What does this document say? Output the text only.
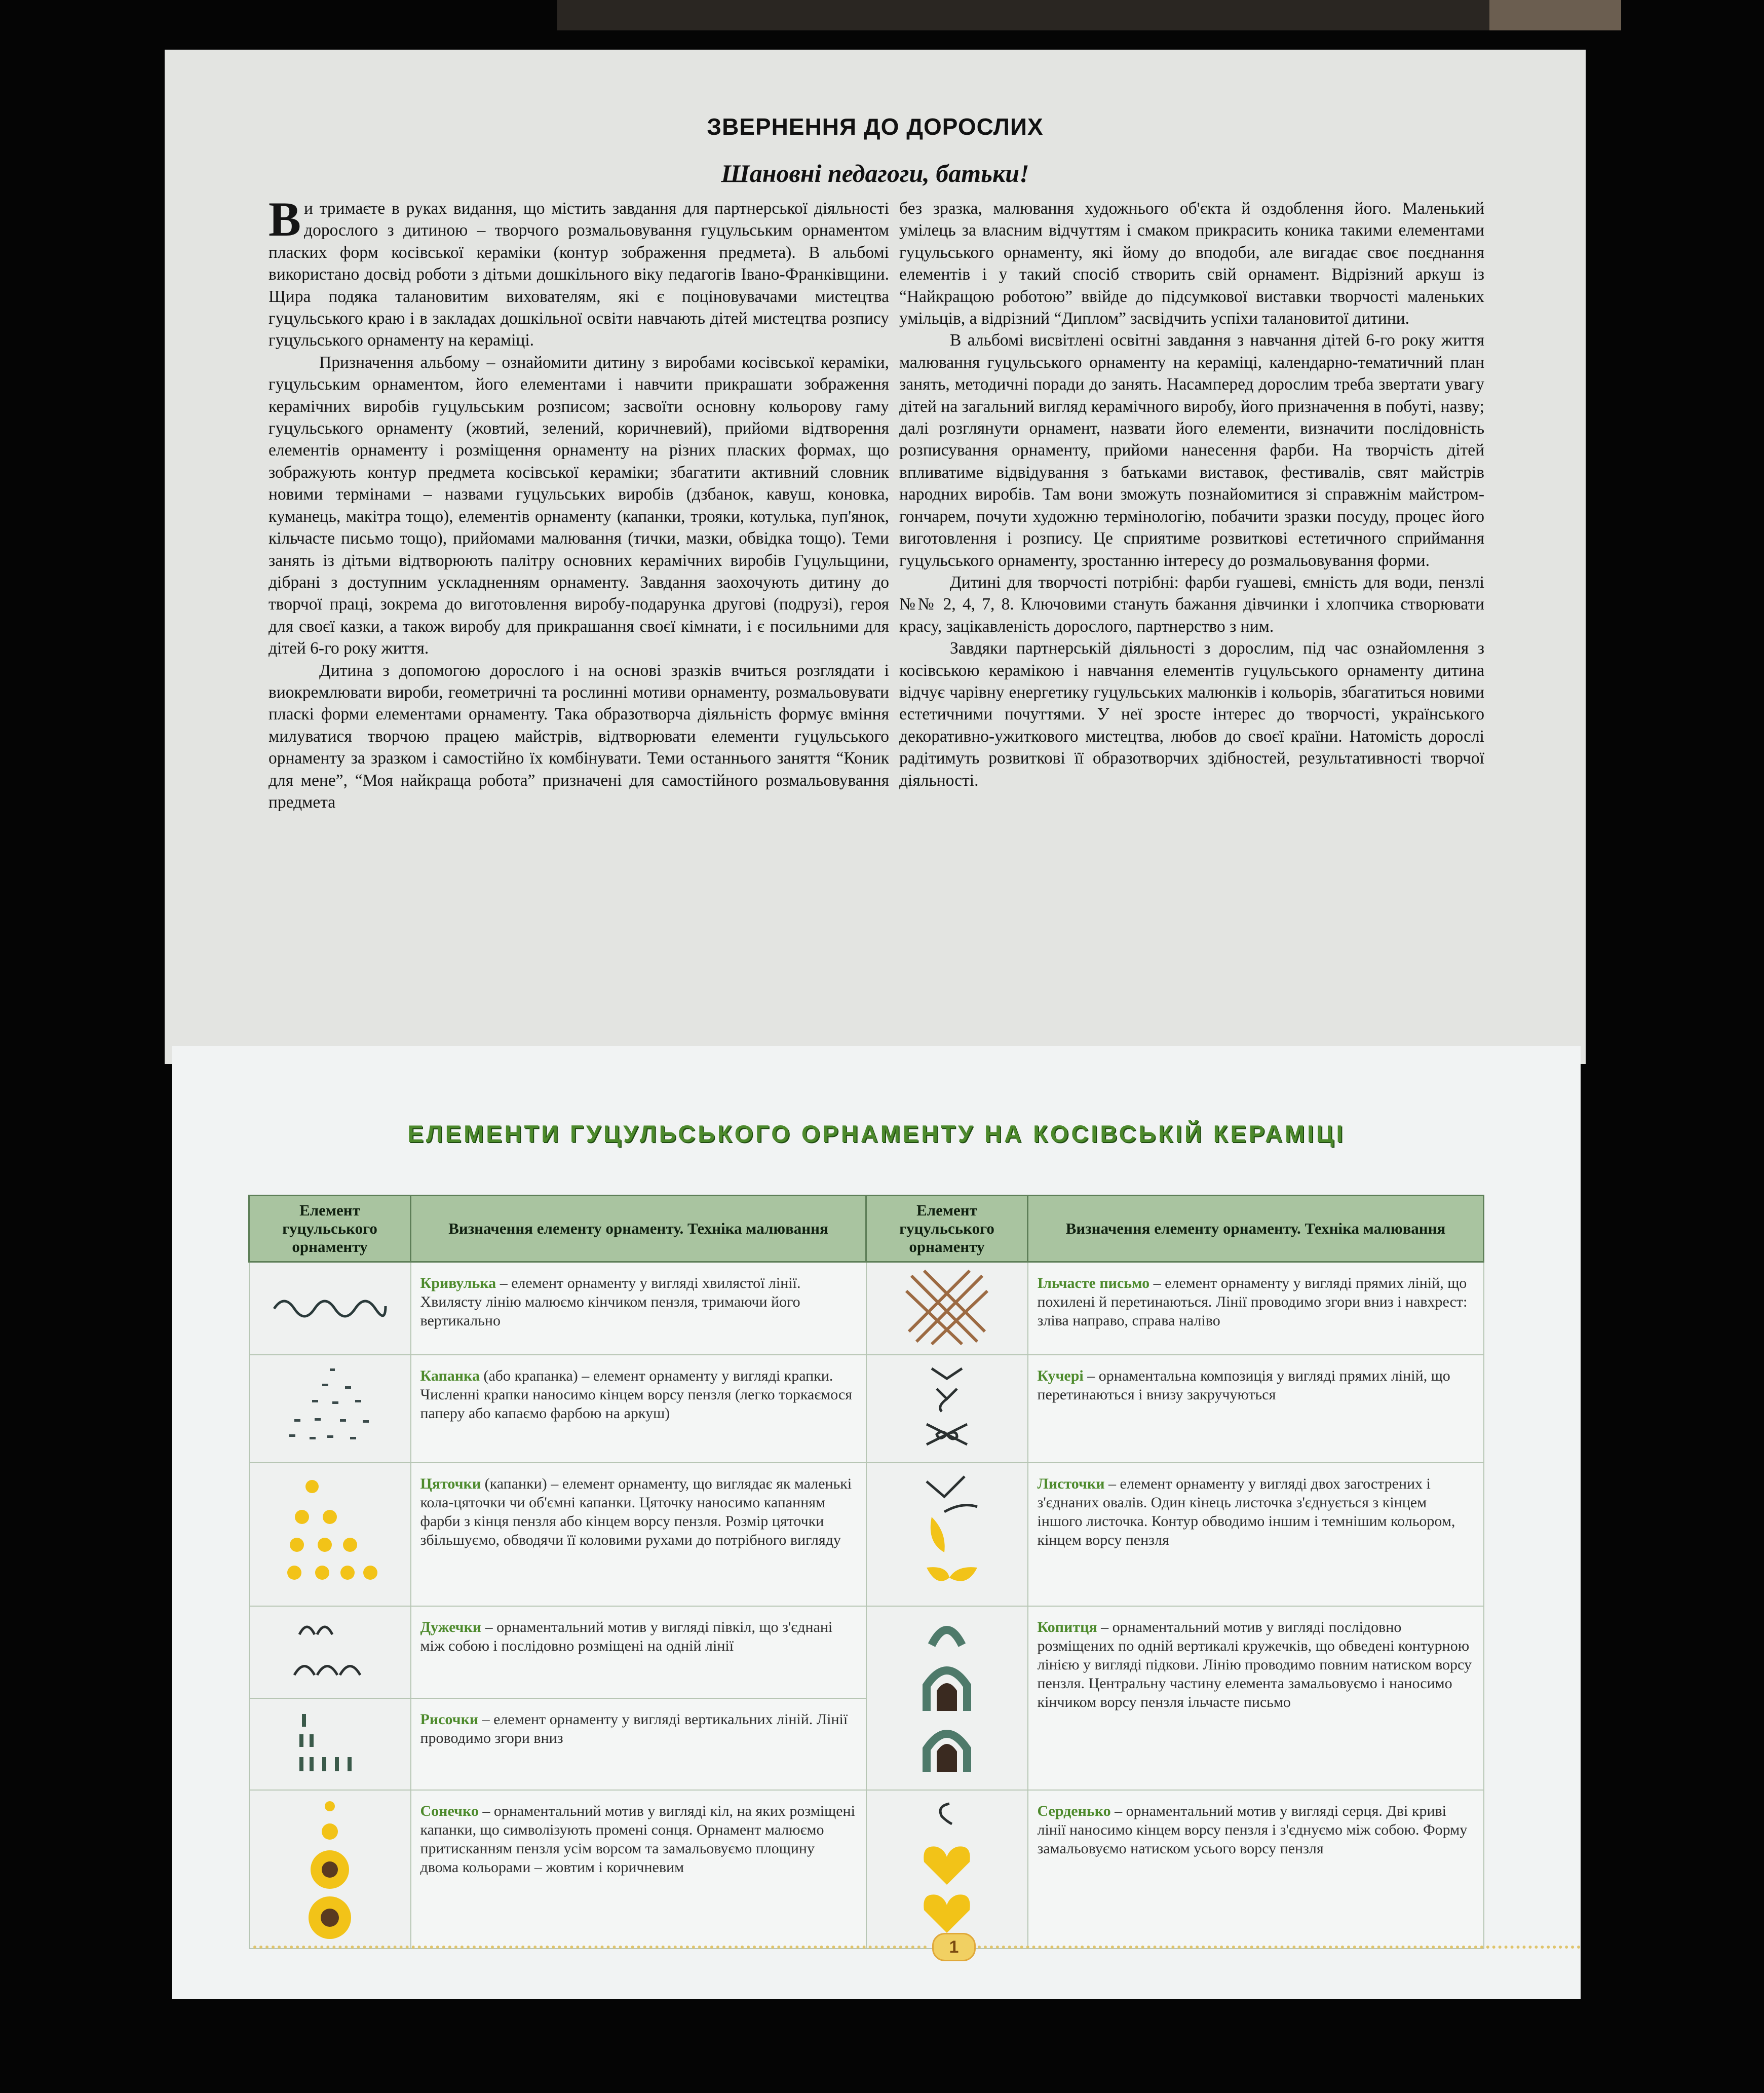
ЗВЕРНЕННЯ ДО ДОРОСЛИХ
Шановні педагоги, батьки!

Ви тримаєте в руках видання, що містить завдання для партнерської діяльності дорослого з дитиною – творчого розмальовування гуцульським орнаментом пласких форм косівської кераміки (контур зображення предмета). В альбомі використано досвід роботи з дітьми дошкільного віку педагогів Івано-Франківщини. Щира подяка талановитим вихователям, які є поціновувачами мистецтва гуцульського краю і в закладах дошкільної освіти навчають дітей мистецтва розпису гуцульського орнаменту на кераміці.

Призначення альбому – ознайомити дитину з виробами косівської кераміки, гуцульським орнаментом, його елементами і навчити прикрашати зображення керамічних виробів гуцульським розписом; засвоїти основну кольорову гаму гуцульського орнаменту (жовтий, зелений, коричневий), прийоми відтворення елементів орнаменту і розміщення орнаменту на різних пласких формах, що зображують контур предмета косівської кераміки; збагатити активний словник новими термінами – назвами гуцульських виробів (дзбанок, кавуш, коновка, куманець, макітра тощо), елементів орнаменту (капанки, трояки, котулька, пуп'янок, кільчасте письмо тощо), прийомами малювання (тички, мазки, обвідка тощо). Теми занять із дітьми відтворюють палітру основних керамічних виробів Гуцульщини, дібрані з доступним ускладненням орнаменту. Завдання заохочують дитину до творчої праці, зокрема до виготовлення виробу-подарунка другові (подрузі), героя для своєї казки, а також виробу для прикрашання своєї кімнати, і є посильними для дітей 6-го року життя.

Дитина з допомогою дорослого і на основі зразків вчиться розглядати і виокремлювати вироби, геометричні та рослинні мотиви орнаменту, розмальовувати пласкі форми елементами орнаменту. Така образотворча діяльність формує вміння милуватися творчою працею майстрів, відтворювати елементи гуцульського орнаменту за зразком і самостійно їх комбінувати. Теми останнього заняття “Коник для мене”, “Моя найкраща робота” призначені для самостійного розмальовування предмета

без зразка, малювання художнього об'єкта й оздоблення його. Маленький умілець за власним відчуттям і смаком прикрасить коника такими елементами гуцульського орнаменту, які йому до вподоби, але вигадає своє поєднання елементів і у такий спосіб створить свій орнамент. Відрізний аркуш із “Найкращою роботою” ввійде до підсумкової виставки творчості маленьких умільців, а відрізний “Диплом” засвідчить успіхи талановитої дитини.

В альбомі висвітлені освітні завдання з навчання дітей 6-го року життя малювання гуцульського орнаменту на кераміці, календарно-тематичний план занять, методичні поради до занять. Насамперед дорослим треба звертати увагу дітей на загальний вигляд керамічного виробу, його призначення в побуті, назву; далі розглянути орнамент, назвати його елементи, визначити послідовність розписування орнаменту, прийоми нанесення фарби. На творчість дітей впливатиме відвідування з батьками виставок, фестивалів, свят майстрів народних виробів. Там вони зможуть познайомитися зі справжнім майстром-гончарем, почути художню термінологію, побачити зразки посуду, процес його виготовлення і розпису. Це сприятиме розвиткові естетичного сприймання гуцульського орнаменту, зростанню інтересу до розмальовування форми.

Дитині для творчості потрібні: фарби гуашеві, ємність для води, пензлі №№ 2, 4, 7, 8. Ключовими стануть бажання дівчинки і хлопчика створювати красу, зацікавленість дорослого, партнерство з ним.

Завдяки партнерській діяльності з дорослим, під час ознайомлення з косівською керамікою і навчання елементів гуцульського орнаменту дитина відчує чарівну енергетику гуцульських малюнків і кольорів, збагатиться новими естетичними почуттями. У неї зросте інтерес до творчості, українського декоративно-ужиткового мистецтва, любов до своєї країни. Натомість дорослі радітимуть розвиткові її образотворчих здібностей, результативності творчої діяльності.

ЕЛЕМЕНТИ ГУЦУЛЬСЬКОГО ОРНАМЕНТУ НА КОСІВСЬКІЙ КЕРАМІЦІ
Елемент гуцульського орнаменту	Визначення елементу орнаменту. Техніка малювання	Елемент гуцульського орнаменту	Визначення елементу орнаменту. Техніка малювання
	Кривулька – елемент орнаменту у вигляді хвилястої лінії. Хвилясту лінію малюємо кінчиком пензля, тримаючи його вертикально		Ільчасте письмо – елемент орнаменту у вигляді прямих ліній, що похилені й перетинаються. Лінії проводимо згори вниз і навхрест: зліва направо, справа наліво
	Капанка (або крапанка) – елемент орнаменту у вигляді крапки. Численні крапки наносимо кінцем ворсу пензля (легко торкаємося паперу або капаємо фарбою на аркуш)		Кучері – орнаментальна композиція у вигляді прямих ліній, що перетинаються і внизу закручуються
	Цяточки (капанки) – елемент орнаменту, що виглядає як маленькі кола-цяточки чи об'ємні капанки. Цяточку наносимо капанням фарби з кінця пензля або кінцем ворсу пензля. Розмір цяточки збільшуємо, обводячи її коловими рухами до потрібного вигляду		Листочки – елемент орнаменту у вигляді двох загострених і з'єднаних овалів. Один кінець листочка з'єднується з кінцем іншого листочка. Контур обводимо іншим і темнішим кольором, кінцем ворсу пензля
	Дужечки – орнаментальний мотив у вигляді півкіл, що з'єднані між собою і послідовно розміщені на одній лінії		Копитця – орнаментальний мотив у вигляді послідовно розміщених по одній вертикалі кружечків, що обведені контурною лінією у вигляді підкови. Лінію проводимо повним натиском ворсу пензля. Центральну частину елемента замальовуємо і наносимо кінчиком ворсу пензля ільчасте письмо
	Рисочки – елемент орнаменту у вигляді вертикальних ліній. Лінії проводимо згори вниз		
	Сонечко – орнаментальний мотив у вигляді кіл, на яких розміщені капанки, що символізують промені сонця. Орнамент малюємо притисканням пензля усім ворсом та замальовуємо площину двома кольорами – жовтим і коричневим		Серденько – орнаментальний мотив у вигляді серця. Дві криві лінії наносимо кінцем ворсу пензля і з'єднуємо між собою. Форму замальовуємо натиском усього ворсу пензля
1
